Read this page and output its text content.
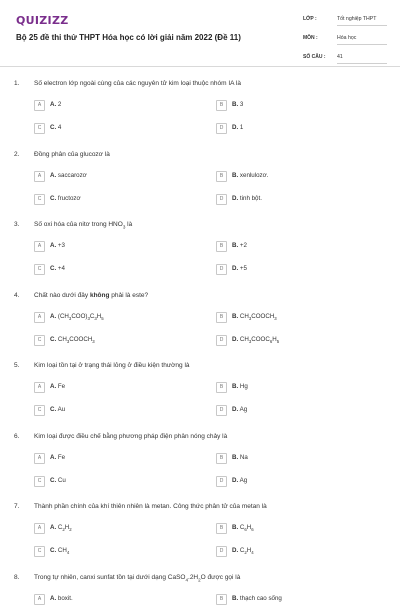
QUIZIZZ
Bộ 25 đề thi thử THPT Hóa học có lời giải năm 2022 (Đề 11)
LỚP :	Tốt nghiệp THPT
MÔN :	Hóa học
SỐ CÂU : 41
1. Số electron lớp ngoài cùng của các nguyên tử kim loại thuộc nhóm IA là
A	A. 2	B	B. 3
C	C. 4	D	D. 1
2. Đồng phân của glucozơ là
A	A. saccarozơ	B	B. xenlulozơ.
C	C. fructozơ	D	D. tinh bột.
3. Số oxi hóa của nitơ trong $HNO_3$ là
A	A. +3	B	B. +2
C	C. +4	D	D. +5
4. Chất nào dưới đây không phải là este?
A	A. $(CH_3COO)_3C_3H_5$	B	B. $CH_3COOCH_3$
C	C. $CH_3COOCH_3$	D	D. $CH_3COOC_6H_5$
5. Kim loại tồn tại ở trạng thái lỏng ở điều kiện thường là
A	A. Fe	B	B. Hg
C	C. Au	D	D. Ag
6. Kim loại được điều chế bằng phương pháp điện phân nóng chảy là
A	A. Fe	B	B. Na
C	C. Cu	D	D. Ag
7. Thành phần chính của khí thiên nhiên là metan. Công thức phân tử của metan là
A	A. $C_2H_2$	B	B. $C_6H_6$
C	C. $CH_4$	D	D. $C_2H_4$
8. Trong tự nhiên, canxi sunfat tồn tại dưới dạng $CaSO_4.2H_2O$ được gọi là
A	A. boxit.	B	B. thạch cao sống
